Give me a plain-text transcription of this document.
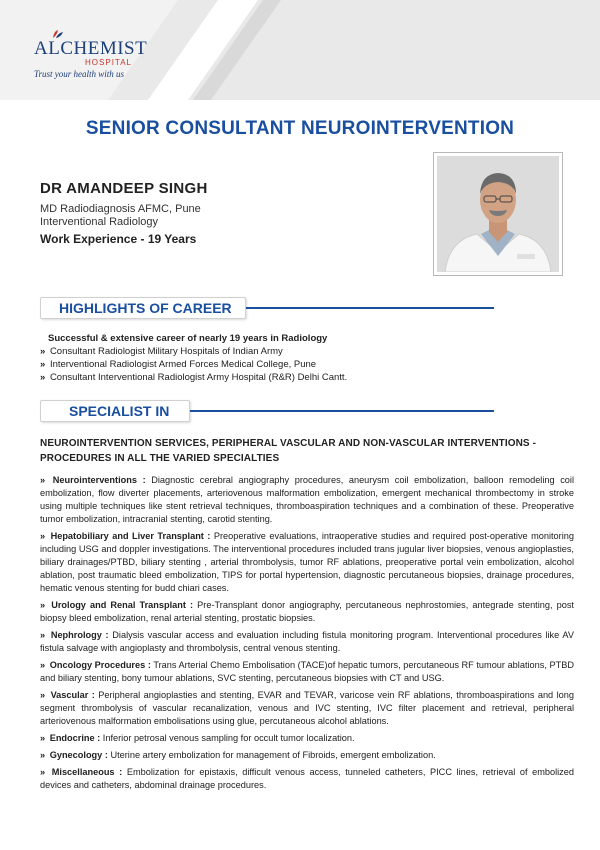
ALCHEMIST
HOSPITAL
Trust your health with us
SENIOR CONSULTANT NEUROINTERVENTION
DR AMANDEEP SINGH
MD Radiodiagnosis AFMC, Pune
Interventional Radiology
Work Experience - 19 Years
HIGHLIGHTS OF CAREER
Successful & extensive career of nearly 19 years in Radiology
» Consultant Radiologist Military Hospitals of Indian Army
» Interventional Radiologist Armed Forces Medical College, Pune
» Consultant Interventional Radiologist Army Hospital (R&R) Delhi Cantt.
SPECIALIST IN
NEUROINTERVENTION SERVICES, PERIPHERAL VASCULAR AND NON-VASCULAR INTERVENTIONS - PROCEDURES IN ALL THE VARIED SPECIALTIES
» Neurointerventions : Diagnostic cerebral angiography procedures, aneurysm coil embolization, balloon remodeling coil embolization, flow diverter placements, arteriovenous malformation embolization, emergent mechanical thrombectomy in stroke using multiple techniques like stent retrieval techniques, thromboaspiration techniques and a combination of these. Preoperative tumor embolization, intracranial stenting, carotid stenting.
» Hepatobiliary and Liver Transplant : Preoperative evaluations, intraoperative studies and required post-operative monitoring including USG and doppler investigations. The interventional procedures included trans jugular liver biopsies, venous angioplasties, biliary drainages/PTBD, biliary stenting , arterial thrombolysis, tumor RF ablations, preoperative portal vein embolization, alcohol ablation, post traumatic bleed embolization, TIPS for portal hypertension, diagnostic percutaneous biopsies, drainage procedures, hematic venous stenting for budd chiari cases.
» Urology and Renal Transplant : Pre-Transplant donor angiography, percutaneous nephrostomies, antegrade stenting, post biopsy bleed embolization, renal arterial stenting, prostatic biopsies.
» Nephrology : Dialysis vascular access and evaluation including fistula monitoring program. Interventional procedures like AV fistula salvage with angioplasty and thrombolysis, central venous stenting.
» Oncology Procedures : Trans Arterial Chemo Embolisation (TACE)of hepatic tumors, percutaneous RF tumour ablations, PTBD and biliary stenting, bony tumour ablations, SVC stenting, percutaneous biopsies with CT and USG.
» Vascular : Peripheral angioplasties and stenting, EVAR and TEVAR, varicose vein RF ablations, thromboaspirations and long segment thrombolysis of vascular recanalization, venous and IVC stenting, IVC filter placement and retrieval, peripheral arteriovenous malformation embolisations using glue, percutaneous alcohol ablations.
» Endocrine : Inferior petrosal venous sampling for occult tumor localization.
» Gynecology : Uterine artery embolization for management of Fibroids, emergent embolization.
» Miscellaneous : Embolization for epistaxis, difficult venous access, tunneled catheters, PICC lines, retrieval of embolized devices and catheters, abdominal drainage procedures.
